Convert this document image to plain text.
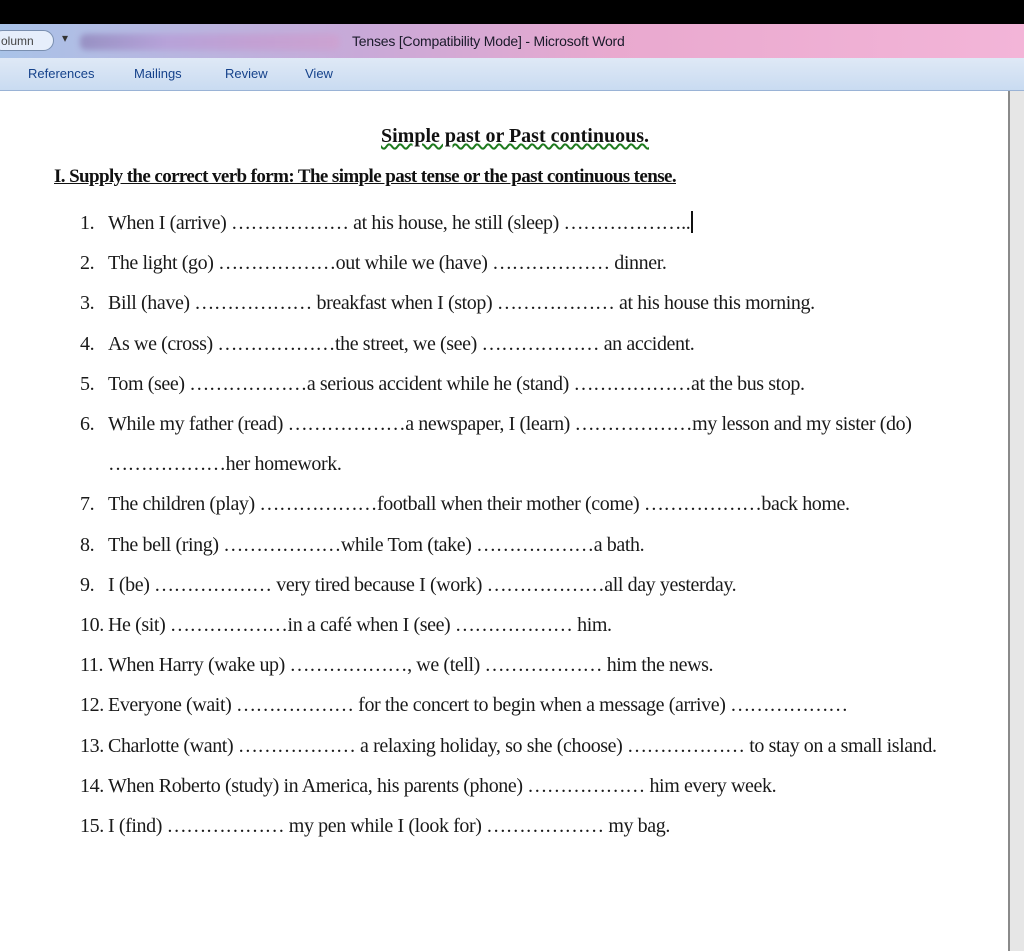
olumn	▾	Tenses [Compatibility Mode] - Microsoft Word
References	Mailings	Review	View
Simple past or Past continuous.
I. Supply the correct verb form: The simple past tense or the past continuous tense.
1. When I (arrive) ……………… at his house, he still (sleep) ………………..
2. The light (go) ………………out while we (have) ……………… dinner.
3. Bill (have) ……………… breakfast when I (stop) ……………… at his house this morning.
4. As we (cross) ………………the street, we (see) ……………… an accident.
5. Tom (see) ………………a serious accident while he (stand) ………………at the bus stop.
6. While my father (read) ………………a newspaper, I (learn) ………………my lesson and my sister (do) ………………her homework.
7. The children (play) ………………football when their mother (come) ………………back home.
8. The bell (ring) ………………while Tom (take) ………………a bath.
9. I (be) ……………… very tired because I (work) ………………all day yesterday.
10. He (sit) ………………in a café when I (see) ……………… him.
11. When Harry (wake up) ………………, we (tell) ……………… him the news.
12. Everyone (wait) ……………… for the concert to begin when a message (arrive) ………………
13. Charlotte (want) ……………… a relaxing holiday, so she (choose) ……………… to stay on a small island.
14. When Roberto (study) in America, his parents (phone) ……………… him every week.
15. I (find) ……………… my pen while I (look for) ……………… my bag.
